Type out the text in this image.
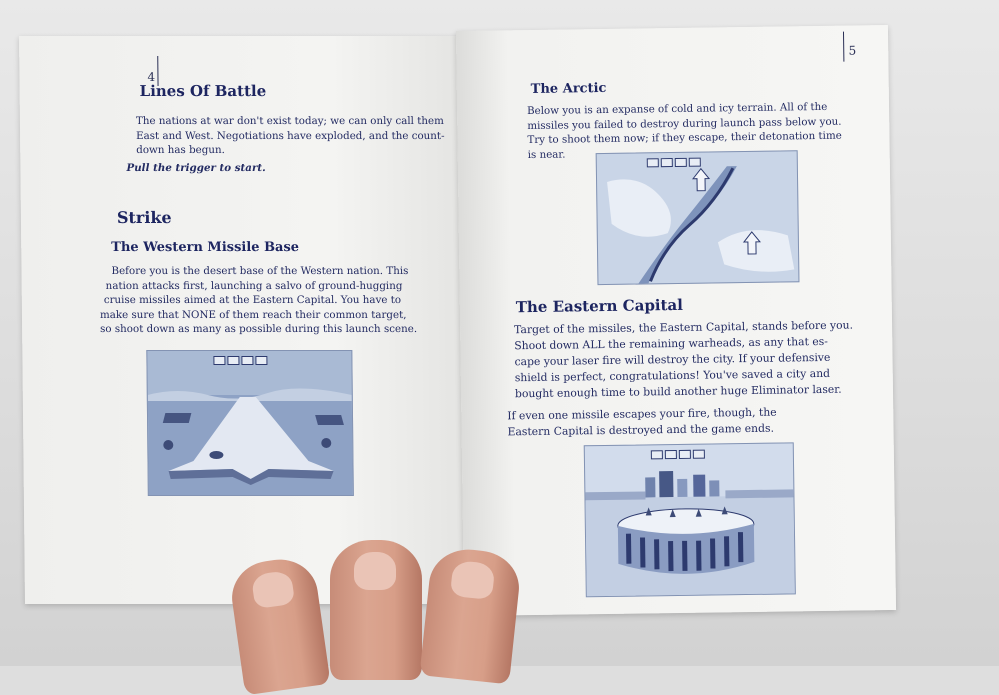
4
Lines Of Battle
The nations at war don't exist today; we can only call them
East and West. Negotiations have exploded, and the count-
down has begun.
Pull the trigger to start.
Strike
The Western Missile Base
Before you is the desert base of the Western nation. This
nation attacks first, launching a salvo of ground-hugging
cruise missiles aimed at the Eastern Capital. You have to
make sure that NONE of them reach their common target,
so shoot down as many as possible during this launch scene.
5
The Arctic
Below you is an expanse of cold and icy terrain. All of the
missiles you failed to destroy during launch pass below you.
Try to shoot them now; if they escape, their detonation time
is near.
The Eastern Capital
Target of the missiles, the Eastern Capital, stands before you.
Shoot down ALL the remaining warheads, as any that es-
cape your laser fire will destroy the city. If your defensive
shield is perfect, congratulations! You've saved a city and
bought enough time to build another huge Eliminator laser.
If even one missile escapes your fire, though, the
Eastern Capital is destroyed and the game ends.
